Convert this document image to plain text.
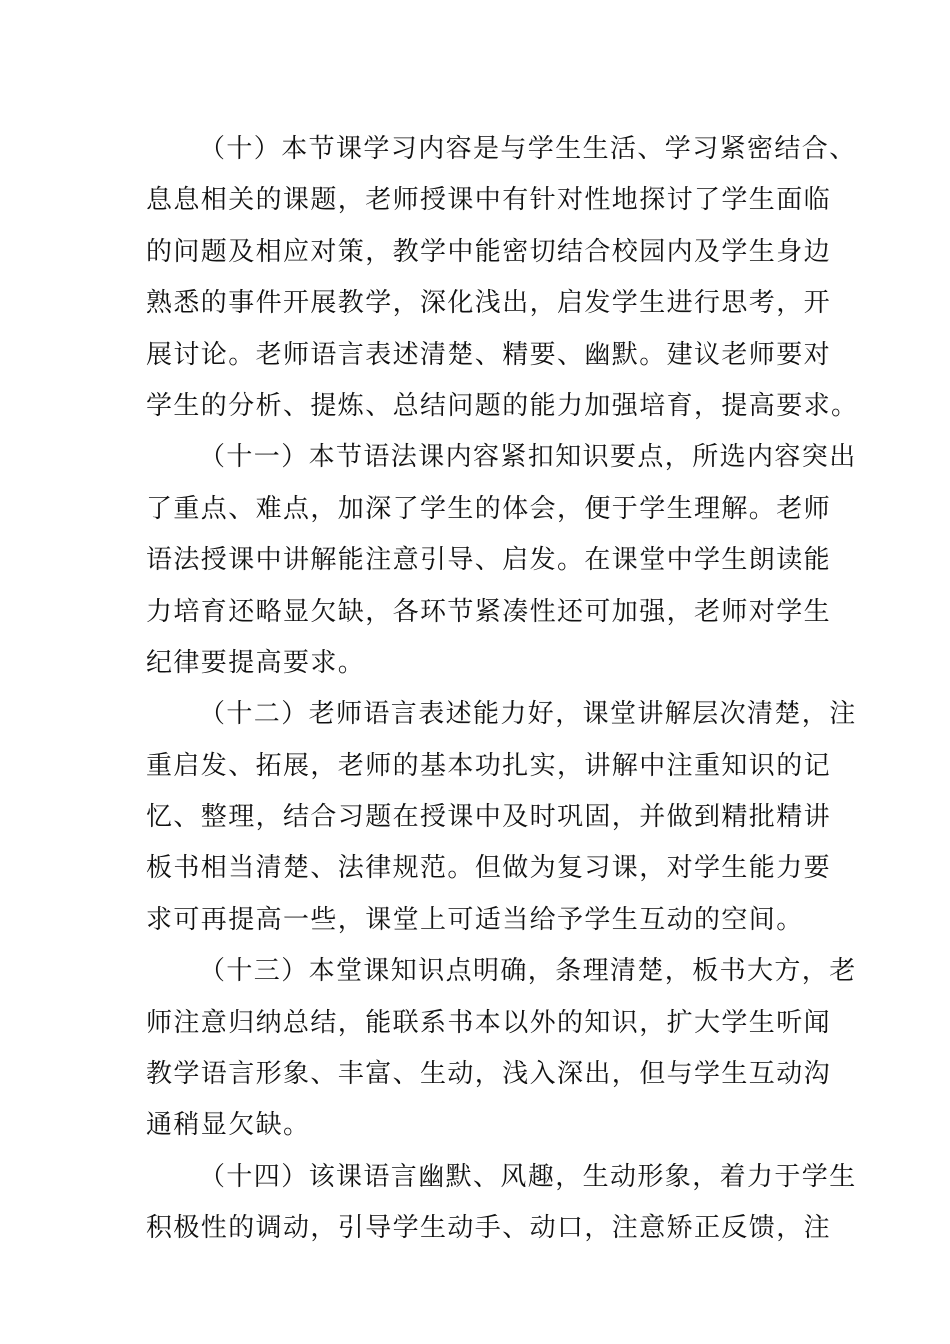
（十）本节课学习内容是与学生生活、学习紧密结合、
息息相关的课题，老师授课中有针对性地探讨了学生面临
的问题及相应对策，教学中能密切结合校园内及学生身边
熟悉的事件开展教学，深化浅出，启发学生进行思考，开
展讨论。老师语言表述清楚、精要、幽默。建议老师要对
学生的分析、提炼、总结问题的能力加强培育，提高要求。
（十一）本节语法课内容紧扣知识要点，所选内容突出
了重点、难点，加深了学生的体会，便于学生理解。老师
语法授课中讲解能注意引导、启发。在课堂中学生朗读能
力培育还略显欠缺，各环节紧凑性还可加强，老师对学生
纪律要提高要求。
（十二）老师语言表述能力好，课堂讲解层次清楚，注
重启发、拓展，老师的基本功扎实，讲解中注重知识的记
忆、整理，结合习题在授课中及时巩固，并做到精批精讲
板书相当清楚、法律规范。但做为复习课，对学生能力要
求可再提高一些，课堂上可适当给予学生互动的空间。
（十三）本堂课知识点明确，条理清楚，板书大方，老
师注意归纳总结，能联系书本以外的知识，扩大学生听闻
教学语言形象、丰富、生动，浅入深出，但与学生互动沟
通稍显欠缺。
（十四）该课语言幽默、风趣，生动形象，着力于学生
积极性的调动，引导学生动手、动口，注意矫正反馈，注
